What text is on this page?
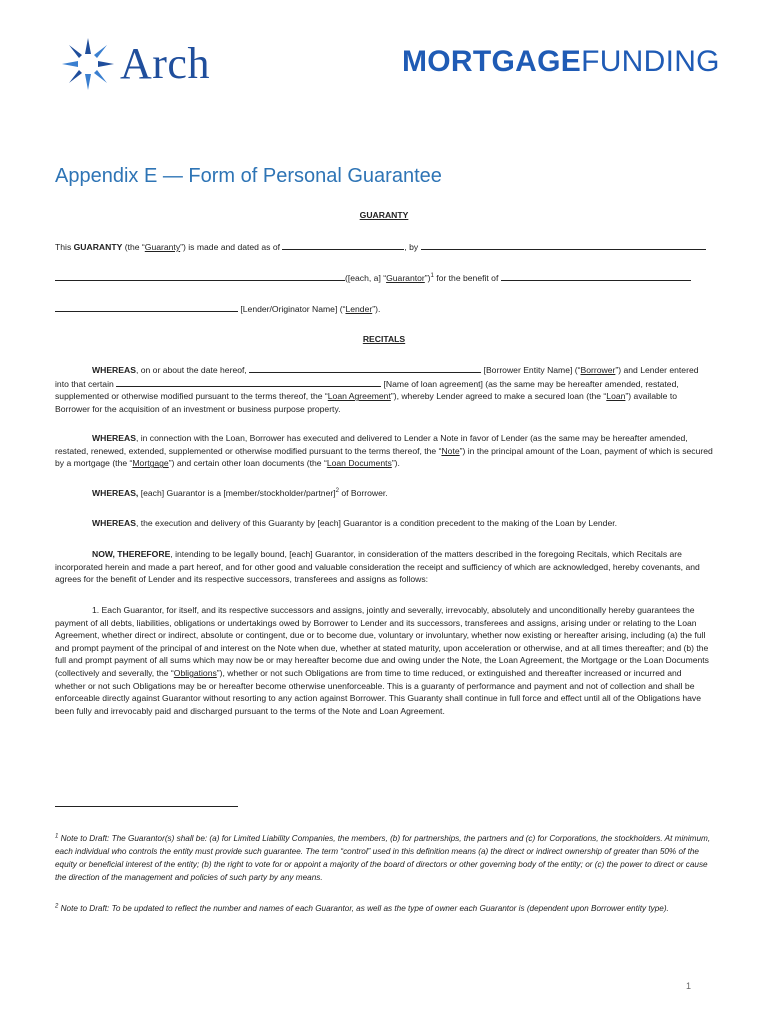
Arch	MORTGAGEFUNDING
Appendix E — Form of Personal Guarantee
GUARANTY
This GUARANTY (the “Guaranty”) is made and dated as of	, by
([each, a] “Guarantor”)$^1$ for the benefit of
[Lender/Originator Name] (“Lender”).
RECITALS
WHEREAS, on or about the date hereof,	[Borrower Entity Name] (“Borrower”) and Lender entered into that certain	[Name of loan agreement] (as the same may be hereafter amended, restated, supplemented or otherwise modified pursuant to the terms thereof, the “Loan Agreement”), whereby Lender agreed to make a secured loan (the “Loan”) available to Borrower for the acquisition of an investment or business purpose property.
WHEREAS, in connection with the Loan, Borrower has executed and delivered to Lender a Note in favor of Lender (as the same may be hereafter amended, restated, renewed, extended, supplemented or otherwise modified pursuant to the terms thereof, the “Note”) in the principal amount of the Loan, payment of which is secured by a mortgage (the “Mortgage”) and certain other loan documents (the “Loan Documents”).
WHEREAS, [each] Guarantor is a [member/stockholder/partner]$^2$ of Borrower.
WHEREAS, the execution and delivery of this Guaranty by [each] Guarantor is a condition precedent to the making of the Loan by Lender.
NOW, THEREFORE, intending to be legally bound, [each] Guarantor, in consideration of the matters described in the foregoing Recitals, which Recitals are incorporated herein and made a part hereof, and for other good and valuable consideration the receipt and sufficiency of which are acknowledged, hereby covenants, and agrees for the benefit of Lender and its respective successors, transferees and assigns as follows:
1. Each Guarantor, for itself, and its respective successors and assigns, jointly and severally, irrevocably, absolutely and unconditionally hereby guarantees the payment of all debts, liabilities, obligations or undertakings owed by Borrower to Lender and its successors, transferees and assigns, arising under or relating to the Loan Agreement, whether direct or indirect, absolute or contingent, due or to become due, voluntary or involuntary, whether now existing or hereafter arising, including (a) the full and prompt payment of the principal of and interest on the Note when due, whether at stated maturity, upon acceleration or otherwise, and at all times thereafter; and (b) the full and prompt payment of all sums which may now be or may hereafter become due and owing under the Note, the Loan Agreement, the Mortgage or the Loan Documents (collectively and severally, the “Obligations”), whether or not such Obligations are from time to time reduced, or extinguished and thereafter increased or incurred and whether or not such Obligations may be or hereafter become otherwise unenforceable. This is a guaranty of performance and payment and not of collection and shall be enforceable directly against Guarantor without resorting to any action against Borrower. This Guaranty shall continue in full force and effect until all of the Obligations have been fully and irrevocably paid and discharged pursuant to the terms of the Note and Loan Agreement.
$^1$ Note to Draft: The Guarantor(s) shall be: (a) for Limited Liability Companies, the members, (b) for partnerships, the partners and (c) for Corporations, the stockholders. At minimum, each individual who controls the entity must provide such guarantee. The term “control” used in this definition means (a) the direct or indirect ownership of greater than 50% of the equity or beneficial interest of the entity; (b) the right to vote for or appoint a majority of the board of directors or other governing body of the entity; or (c) the power to direct or cause the direction of the management and policies of such party by any means.
$^2$ Note to Draft: To be updated to reflect the number and names of each Guarantor, as well as the type of owner each Guarantor is (dependent upon Borrower entity type).
1
